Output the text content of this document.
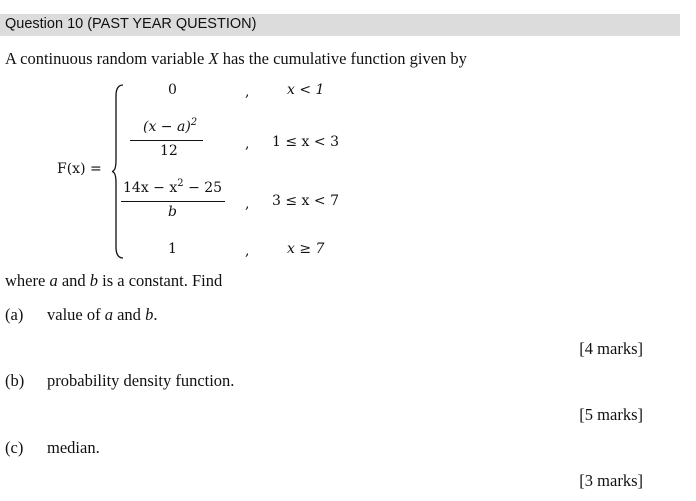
Question 10 (PAST YEAR QUESTION)
A continuous random variable X has the cumulative function given by
F(x) =
0	,	x < 1
$(x - a)^2$
12	, 1 ≤ x < 3
$14x - x^2 - 25$
b	, 3 ≤ x < 7
1	,	x ≥ 7
where a and b is a constant. Find
(a) value of a and b.
[4 marks]
(b) probability density function.
[5 marks]
(c) median.
[3 marks]
